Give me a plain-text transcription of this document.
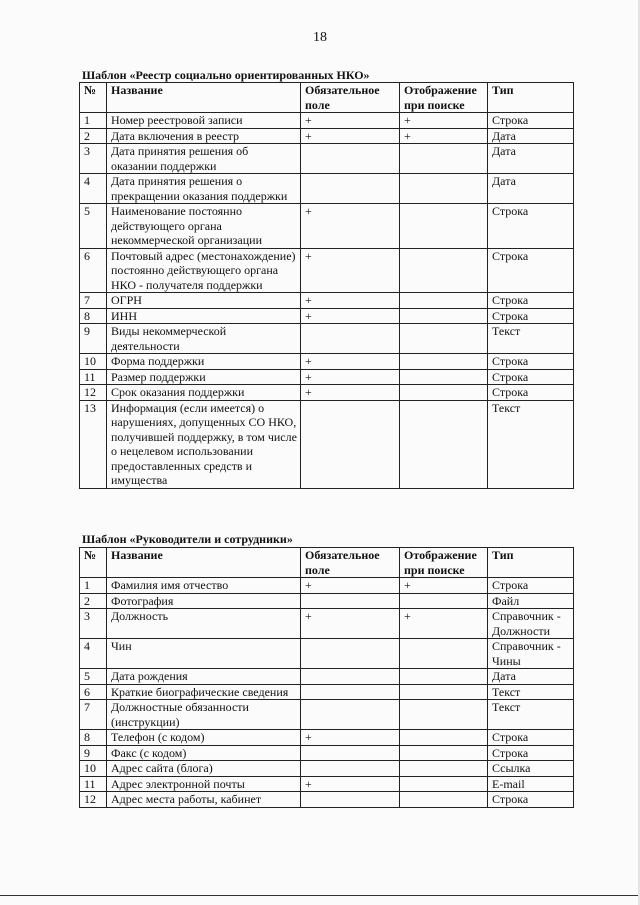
18
Шаблон «Реестр социально ориентированных НКО»
№	Название	Обязательное поле	Отображение при поиске	Тип
1	Номер реестровой записи	+	+	Строка
2	Дата включения в реестр	+	+	Дата
3	Дата принятия решения об оказании поддержки			Дата
4	Дата принятия решения о прекращении оказания поддержки			Дата
5	Наименование постоянно действующего органа некоммерческой организации	+		Строка
6	Почтовый адрес (местонахождение) постоянно действующего органа НКО - получателя поддержки	+		Строка
7	ОГРН	+		Строка
8	ИНН	+		Строка
9	Виды некоммерческой деятельности			Текст
10	Форма поддержки	+		Строка
11	Размер поддержки	+		Строка
12	Срок оказания поддержки	+		Строка
13	Информация (если имеется) о нарушениях, допущенных СО НКО, получившей поддержку, в том числе о нецелевом использовании предоставленных средств и имущества			Текст
Шаблон «Руководители и сотрудники»
№	Название	Обязательное поле	Отображение при поиске	Тип
1	Фамилия имя отчество	+	+	Строка
2	Фотография			Файл
3	Должность	+	+	Справочник - Должности
4	Чин			Справочник - Чины
5	Дата рождения			Дата
6	Краткие биографические сведения			Текст
7	Должностные обязанности (инструкции)			Текст
8	Телефон (с кодом)	+		Строка
9	Факс (с кодом)			Строка
10	Адрес сайта (блога)			Ссылка
11	Адрес электронной почты	+		E-mail
12	Адрес места работы, кабинет			Строка
